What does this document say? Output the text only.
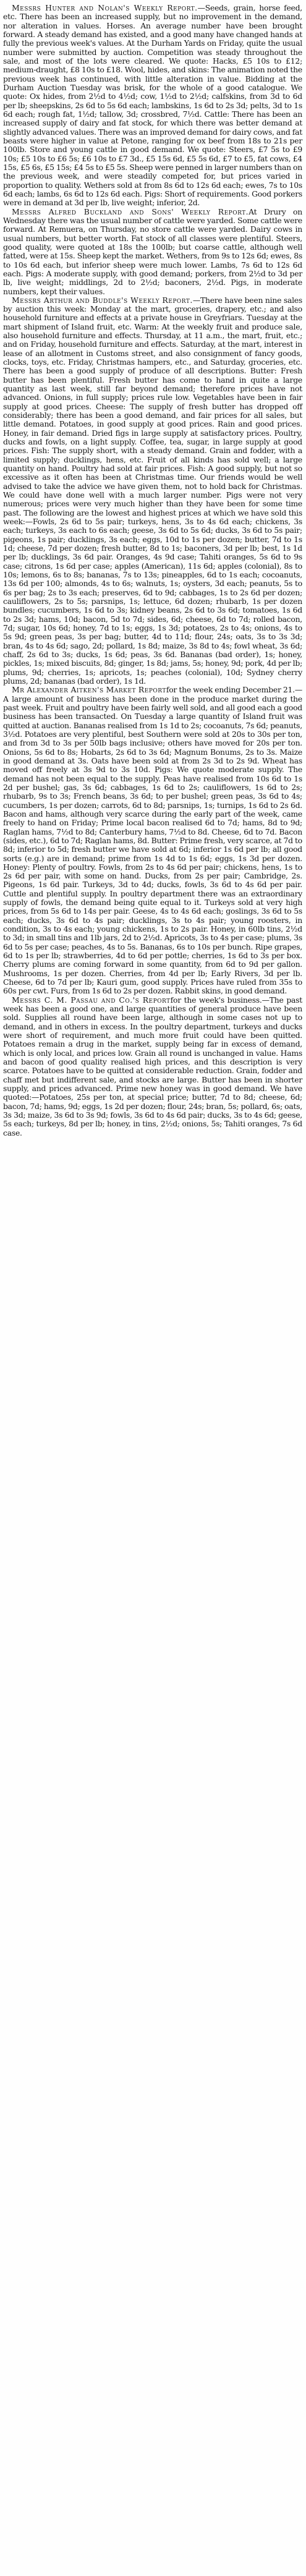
Messrs Hunter and Nolan's Weekly Report.—Seeds, grain, horse feed, etc. There has been an increased supply, but no improvement in the demand, nor alteration in values. Horses. An average number have been brought forward. A steady demand has existed, and a good many have changed hands at fully the previous week's values. At the Durham Yards on Friday, quite the usual number were submitted by auction. Competition was steady throughout the sale, and most of the lots were cleared. We quote: Hacks, £5 10s to £12; medium-draught, £8 10s to £18. Wool, hides, and skins: The animation noted the previous week has continued, with little alteration in value. Bidding at the Durham Auction Tuesday was brisk, for the whole of a good catalogue. We quote: Ox hides, from 2½d to 4½d; cow, 1½d to 2½d; calfskins, from 3d to 6d per lb; sheepskins, 2s 6d to 5s 6d each; lambskins, 1s 6d to 2s 3d; pelts, 3d to 1s 6d each; rough fat, 1½d; tallow, 3d; crossbred, 7½d. Cattle: There has been an increased supply of dairy and fat stock, for which there was better demand at slightly advanced values. There was an improved demand for dairy cows, and fat beasts were higher in value at Petone, ranging for ox beef from 18s to 21s per 100lb. Store and young cattle in good demand. We quote: Steers, £7 5s to £9 10s; £5 10s to £6 5s; £6 10s to £7 3d., £5 15s 6d, £5 5s 6d, £7 to £5, fat cows, £4 15s, £5 6s, £5 15s; £4 5s to £5 5s. Sheep were penned in larger numbers than on the previous week, and were steadily competed for, but prices varied in proportion to quality. Wethers sold at from 8s 6d to 12s 6d each; ewes, 7s to 10s 6d each; lambs, 6s 6d to 12s 6d each. Pigs: Short of requirements. Good porkers were in demand at 3d per lb, live weight; inferior, 2d.

Messrs Alfred Buckland and Sons' Weekly Report.At Drury on Wednesday there was the usual number of cattle were yarded. Some cattle were forward. At Remuera, on Thursday, no store cattle were yarded. Dairy cows in usual numbers, but better worth. Fat stock of all classes were plentiful. Steers, good quality, were quoted at 18s the 100lb; but coarse cattle, although well fatted, were at 15s. Sheep kept the market. Wethers, from 9s to 12s 6d; ewes, 8s to 10s 6d each, but inferior sheep were much lower. Lambs, 7s 6d to 12s 6d each. Pigs: A moderate supply, with good demand; porkers, from 2½d to 3d per lb, live weight; middlings, 2d to 2½d; baconers, 2½d. Pigs, in moderate numbers, kept their values.

Messrs Arthur and Buddle's Weekly Report.—There have been nine sales by auction this week: Monday at the mart, groceries, drapery, etc.; and also household furniture and effects at a private house in Greyfriars. Tuesday at the mart shipment of Island fruit, etc. Warm: At the weekly fruit and produce sale, also household furniture and effects. Thursday, at 11 a.m., the mart, fruit, etc.; and on Friday, household furniture and effects. Saturday, at the mart, interest in lease of an allotment in Customs street, and also consignment of fancy goods, clocks, toys, etc. Friday, Christmas hampers, etc., and Saturday, groceries, etc. There has been a good supply of produce of all descriptions. Butter: Fresh butter has been plentiful. Fresh butter has come to hand in quite a large quantity as last week, still far beyond demand; therefore prices have not advanced. Onions, in full supply; prices rule low. Vegetables have been in fair supply at good prices. Cheese: The supply of fresh butter has dropped off considerably; there has been a good demand, and fair prices for all sales, but little demand. Potatoes, in good supply at good prices. Rain and good prices. Honey, in fair demand. Dried figs in large supply at satisfactory prices. Poultry, ducks and fowls, on a light supply. Coffee, tea, sugar, in large supply at good prices. Fish: The supply short, with a steady demand. Grain and fodder, with a limited supply; ducklings, hens, etc. Fruit of all kinds has sold well; a large quantity on hand. Poultry had sold at fair prices. Fish: A good supply, but not so excessive as it often has been at Christmas time. Our friends would be well advised to take the advice we have given them, not to hold back for Christmas. We could have done well with a much larger number. Pigs were not very numerous; prices were very much higher than they have been for some time past. The following are the lowest and highest prices at which we have sold this week:—Fowls, 2s 6d to 5s pair; turkeys, hens, 3s to 4s 6d each; chickens, 3s each; turkeys, 3s each to 6s each; geese, 3s 6d to 5s 6d; ducks, 3s 6d to 5s pair; pigeons, 1s pair; ducklings, 3s each; eggs, 10d to 1s per dozen; butter, 7d to 1s 1d; cheese, 7d per dozen; fresh butter, 8d to 1s; baconers, 3d per lb; best, 1s 1d per lb; ducklings, 3s 6d pair. Oranges, 4s 9d case; Tahiti oranges, 5s 6d to 9s case; citrons, 1s 6d per case; apples (American), 11s 6d; apples (colonial), 8s to 10s; lemons, 6s to 8s; bananas, 7s to 13s; pineapples, 6d to 1s each; cocoanuts, 13s 6d per 100; almonds, 4s to 6s; walnuts, 1s; oysters, 3d each; peanuts, 5s to 6s per bag; 2s to 3s each; preserves, 6d to 9d; cabbages, 1s to 2s 6d per dozen; cauliflowers, 2s to 5s; parsnips, 1s; lettuce, 6d dozen; rhubarb, 1s per dozen bundles; cucumbers, 1s 6d to 3s; kidney beans, 2s 6d to 3s 6d; tomatoes, 1s 6d to 2s 3d; hams, 10d; bacon, 5d to 7d; sides, 6d; cheese, 6d to 7d; rolled bacon, 7d; sugar, 10s 6d; honey, 7d to 1s; eggs, 1s 3d; potatoes, 2s to 4s; onions, 4s to 5s 9d; green peas, 3s per bag; butter, 4d to 11d; flour, 24s; oats, 3s to 3s 3d; bran, 4s to 4s 6d; sago, 2d; pollard, 1s 8d; maize, 3s 8d to 4s; fowl wheat, 3s 6d; chaff, 2s 6d to 3s; ducks, 1s 6d; peas, 3s 6d. Bananas (bad order), 1s; honey, pickles, 1s; mixed biscuits, 8d; ginger, 1s 8d; jams, 5s; honey, 9d; pork, 4d per lb; plums, 9d; cherries, 1s; apricots, 1s; peaches (colonial), 10d; Sydney cherry plums, 2d; bananas (bad order), 1s 1d.

Mr Alexander Aitken's Market Reportfor the week ending December 21.—A large amount of business has been done in the produce market during the past week. Fruit and poultry have been fairly well sold, and all good each a good business has been transacted. On Tuesday a large quantity of Island fruit was quitted at auction. Bananas realised from 1s 1d to 2s; cocoanuts, 7s 6d; peanuts, 3½d. Potatoes are very plentiful, best Southern were sold at 20s to 30s per ton, and from 3d to 3s per 50lb bags inclusive; others have moved for 20s per ton. Onions, 5s 6d to 8s; Hobarts, 2s 6d to 3s 6d; Magnum Bonums, 2s to 3s. Maize in good demand at 3s. Oats have been sold at from 2s 3d to 2s 9d. Wheat has moved off freely at 3s 9d to 3s 10d. Pigs: We quote moderate supply. The demand has not been equal to the supply. Peas have realised from 10s 6d to 1s 2d per bushel; gas, 3s 6d; cabbages, 1s 6d to 2s; cauliflowers, 1s 6d to 2s; rhubarb, 9s to 3s; French beans, 3s 6d; to per bushel; green peas, 3s 6d to 4s; cucumbers, 1s per dozen; carrots, 6d to 8d; parsnips, 1s; turnips, 1s 6d to 2s 6d. Bacon and hams, although very scarce during the early part of the week, came freely to hand on Friday; Prime local bacon realised 6d to 7d; hams, 8d to 9d; Raglan hams, 7½d to 8d; Canterbury hams, 7½d to 8d. Cheese, 6d to 7d. Bacon (sides, etc.), 6d to 7d; Raglan hams, 8d. Butter: Prime fresh, very scarce, at 7d to 8d; inferior to 5d; fresh butter we have sold at 6d; inferior 1s 6d per lb; all good sorts (e.g.) are in demand; prime from 1s 4d to 1s 6d; eggs, 1s 3d per dozen. Honey: Plenty of poultry. Fowls, from 2s to 4s 6d per pair; chickens, hens, 1s to 2s 6d per pair, with some on hand. Ducks, from 2s per pair; Cambridge, 2s. Pigeons, 1s 6d pair. Turkeys, 3d to 4d; ducks, fowls, 3s 6d to 4s 6d per pair. Cuttle and plentiful supply. In poultry department there was an extraordinary supply of fowls, the demand being quite equal to it. Turkeys sold at very high prices, from 5s 6d to 14s per pair. Geese, 4s to 4s 6d each; goslings, 3s 6d to 5s each; ducks, 3s 6d to 4s pair; ducklings, 3s to 4s pair; young roosters, in condition, 3s to 4s each; young chickens, 1s to 2s pair. Honey, in 60lb tins, 2½d to 3d; in small tins and 1lb jars, 2d to 2½d. Apricots, 3s to 4s per case; plums, 3s 6d to 5s per case; peaches, 4s to 5s. Bananas, 6s to 10s per bunch. Ripe grapes, 6d to 1s per lb; strawberries, 4d to 6d per pottle; cherries, 1s 6d to 3s per box. Cherry plums are coming forward in some quantity, from 6d to 9d per gallon. Mushrooms, 1s per dozen. Cherries, from 4d per lb; Early Rivers, 3d per lb. Cheese, 6d to 7d per lb; Kauri gum, good supply. Prices have ruled from 35s to 60s per cwt. Furs, from 1s 6d to 2s per dozen. Rabbit skins, in good demand.

Messrs C. M. Passau and Co.'s Reportfor the week's business.—The past week has been a good one, and large quantities of general produce have been sold. Supplies all round have been large, although in some cases not up to demand, and in others in excess. In the poultry department, turkeys and ducks were short of requirement, and much more fruit could have been quitted. Potatoes remain a drug in the market, supply being far in excess of demand, which is only local, and prices low. Grain all round is unchanged in value. Hams and bacon of good quality realised high prices, and this description is very scarce. Potatoes have to be quitted at considerable reduction. Grain, fodder and chaff met but indifferent sale, and stocks are large. Butter has been in shorter supply, and prices advanced. Prime new honey was in good demand. We have quoted:—Potatoes, 25s per ton, at special price; butter, 7d to 8d; cheese, 6d; bacon, 7d; hams, 9d; eggs, 1s 2d per dozen; flour, 24s; bran, 5s; pollard, 6s; oats, 3s 3d; maize, 3s 6d to 3s 9d; fowls, 3s 6d to 4s 6d pair; ducks, 3s to 4s 6d; geese, 5s each; turkeys, 8d per lb; honey, in tins, 2½d; onions, 5s; Tahiti oranges, 7s 6d case.
